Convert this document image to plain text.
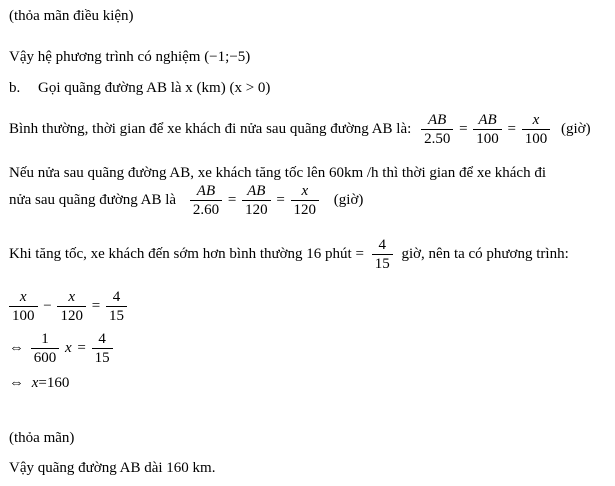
(thỏa mãn điều kiện)
Vậy hệ phương trình có nghiệm (−1;−5)
b. Gọi quãng đường AB là x (km) (x > 0)
Bình thường, thời gian để xe khách đi nửa sau quãng đường AB là: $\frac{AB}{2.50} = \frac{AB}{100} = \frac{x}{100}$ (giờ)
Nếu nửa sau quãng đường AB, xe khách tăng tốc lên 60km /h thì thời gian để xe khách đi
nửa sau quãng đường AB là $\frac{AB}{2.60} = \frac{AB}{120} = \frac{x}{120}$ (giờ)
Khi tăng tốc, xe khách đến sớm hơn bình thường 16 phút = $\frac{4}{15}$ giờ, nên ta có phương trình:
$\frac{x}{100} - \frac{x}{120} = \frac{4}{15}$
⇔ $\frac{1}{600}$ $x = \frac{4}{15}$
⇔ x=160
(thỏa mãn)
Vậy quãng đường AB dài 160 km.
